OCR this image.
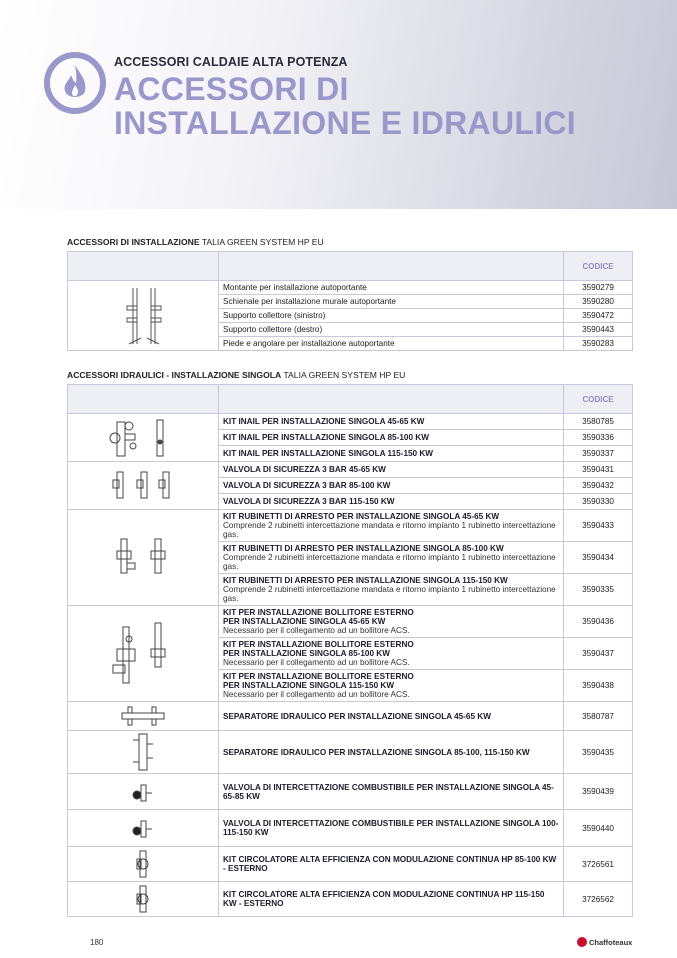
ACCESSORI CALDAIE ALTA POTENZA
ACCESSORI DI
INSTALLAZIONE E IDRAULICI
ACCESSORI DI INSTALLAZIONE TALIA GREEN SYSTEM HP EU
		CODICE

	Montante per installazione autoportante	3590279
	Schienale per installazione murale autoportante	3590280
	Supporto collettore (sinistro)	3590472
	Supporto collettore (destro)	3590443
	Piede e angolare per installazione autoportante	3590283
ACCESSORI IDRAULICI - INSTALLAZIONE SINGOLA TALIA GREEN SYSTEM HP EU
		CODICE

	KIT INAIL PER INSTALLAZIONE SINGOLA 45-65 KW	3580785
	KIT INAIL PER INSTALLAZIONE SINGOLA 85-100 KW	3590336
	KIT INAIL PER INSTALLAZIONE SINGOLA 115-150 KW	3590337

	VALVOLA DI SICUREZZA 3 BAR 45-65 KW	3590431
	VALVOLA DI SICUREZZA 3 BAR 85-100 KW	3590432
	VALVOLA DI SICUREZZA 3 BAR 115-150 KW	3590330

KIT RUBINETTI DI ARRESTO PER INSTALLAZIONE SINGOLA 45-65 KW
Comprende 2 rubinetti intercettazione mandata e ritorno impianto 1 rubinetto intercettazione gas.	3590433

	KIT RUBINETTI DI ARRESTO PER INSTALLAZIONE SINGOLA 85-100 KW
Comprende 2 rubinetti intercettazione mandata e ritorno impianto 1 rubinetto intercettazione gas.	3590434

	KIT RUBINETTI DI ARRESTO PER INSTALLAZIONE SINGOLA 115-150 KW
Comprende 2 rubinetti intercettazione mandata e ritorno impianto 1 rubinetto intercettazione gas.	3590335

KIT PER INSTALLAZIONE BOLLITORE ESTERNO
PER INSTALLAZIONE SINGOLA 45-65 KW
Necessario per il collegamento ad un bollitore ACS.	3590436

	KIT PER INSTALLAZIONE BOLLITORE ESTERNO
PER INSTALLAZIONE SINGOLA 85-100 KW
Necessario per il collegamento ad un bollitore ACS.	3590437

	KIT PER INSTALLAZIONE BOLLITORE ESTERNO
PER INSTALLAZIONE SINGOLA 115-150 KW
Necessario per il collegamento ad un bollitore ACS.	3590438

	SEPARATORE IDRAULICO PER INSTALLAZIONE SINGOLA 45-65 KW	3580787

	SEPARATORE IDRAULICO PER INSTALLAZIONE SINGOLA 85-100, 115-150 KW	3590435

	VALVOLA DI INTERCETTAZIONE COMBUSTIBILE PER INSTALLAZIONE SINGOLA 45-65-85 KW	3590439

	VALVOLA DI INTERCETTAZIONE COMBUSTIBILE PER INSTALLAZIONE SINGOLA 100-115-150 KW	3590440

	KIT CIRCOLATORE ALTA EFFICIENZA CON MODULAZIONE CONTINUA HP 85-100 KW - ESTERNO	3726561

	KIT CIRCOLATORE ALTA EFFICIENZA CON MODULAZIONE CONTINUA HP 115-150 KW - ESTERNO	3726562
180	Chaffoteaux
